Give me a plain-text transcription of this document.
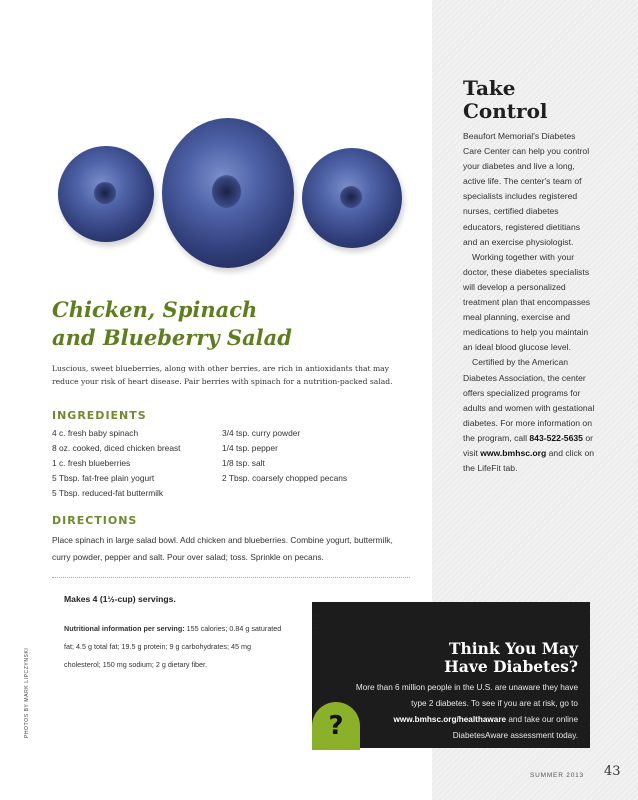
Take
Control

Beaufort Memorial's Diabetes Care Center can help you control your diabetes and live a long, active life. The center's team of specialists includes registered nurses, certified diabetes educators, registered dietitians and an exercise physiologist.

Working together with your doctor, these diabetes specialists will develop a personalized treatment plan that encompasses meal planning, exercise and medications to help you maintain an ideal blood glucose level.

Certified by the American Diabetes Association, the center offers specialized programs for adults and women with gestational diabetes. For more information on the program, call 843-522-5635 or visit www.bmhsc.org and click on the LifeFit tab.

Chicken, Spinach
and Blueberry Salad

Luscious, sweet blueberries, along with other berries, are rich in antioxidants that may reduce your risk of heart disease. Pair berries with spinach for a nutrition-packed salad.

INGREDIENTS
4 c. fresh baby spinach
8 oz. cooked, diced chicken breast
1 c. fresh blueberries
5 Tbsp. fat-free plain yogurt
5 Tbsp. reduced-fat buttermilk
3/4 tsp. curry powder
1/4 tsp. pepper
1/8 tsp. salt
2 Tbsp. coarsely chopped pecans
DIRECTIONS

Place spinach in large salad bowl. Add chicken and blueberries. Combine yogurt, buttermilk, curry powder, pepper and salt. Pour over salad; toss. Sprinkle on pecans.

Makes 4 (1½-cup) servings.

Nutritional information per serving: 155 calories; 0.84 g saturated fat; 4.5 g total fat; 19.5 g protein; 9 g carbohydrates; 45 mg cholesterol; 150 mg sodium; 2 g dietary fiber.

PHOTOS BY MARK LIPCZYNSKI
QUIZ
?
Think You May
Have Diabetes?

More than 6 million people in the U.S. are unaware they have type 2 diabetes. To see if you are at risk, go to www.bmhsc.org/healthaware and take our online DiabetesAware assessment today.

SUMMER 2013 43
